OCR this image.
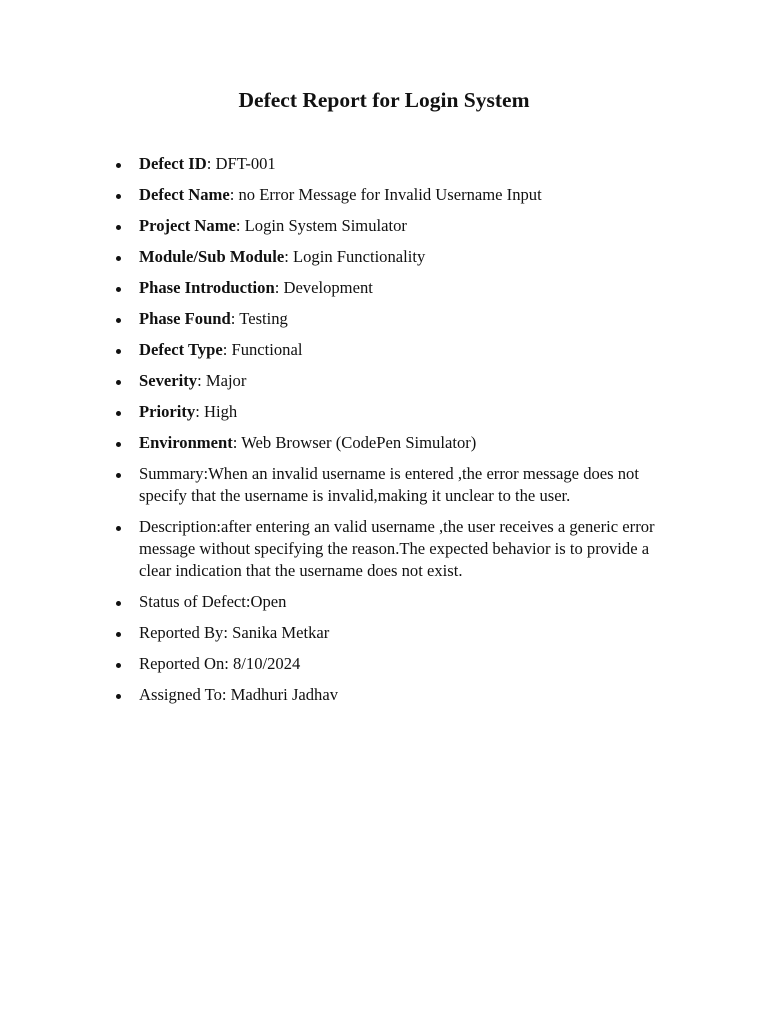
Defect Report for Login System
Defect ID: DFT-001
Defect Name: no Error Message for Invalid Username Input
Project Name: Login System Simulator
Module/Sub Module: Login Functionality
Phase Introduction: Development
Phase Found: Testing
Defect Type: Functional
Severity: Major
Priority: High
Environment: Web Browser (CodePen Simulator)
Summary:When an invalid username is entered ,the error message does not specify that the username is invalid,making it unclear to the user.
Description:after entering an valid username ,the user receives a generic error message without specifying the reason.The expected behavior is to provide a clear indication that the username does not exist.
Status of Defect:Open
Reported By: Sanika Metkar
Reported On: 8/10/2024
Assigned To: Madhuri Jadhav
